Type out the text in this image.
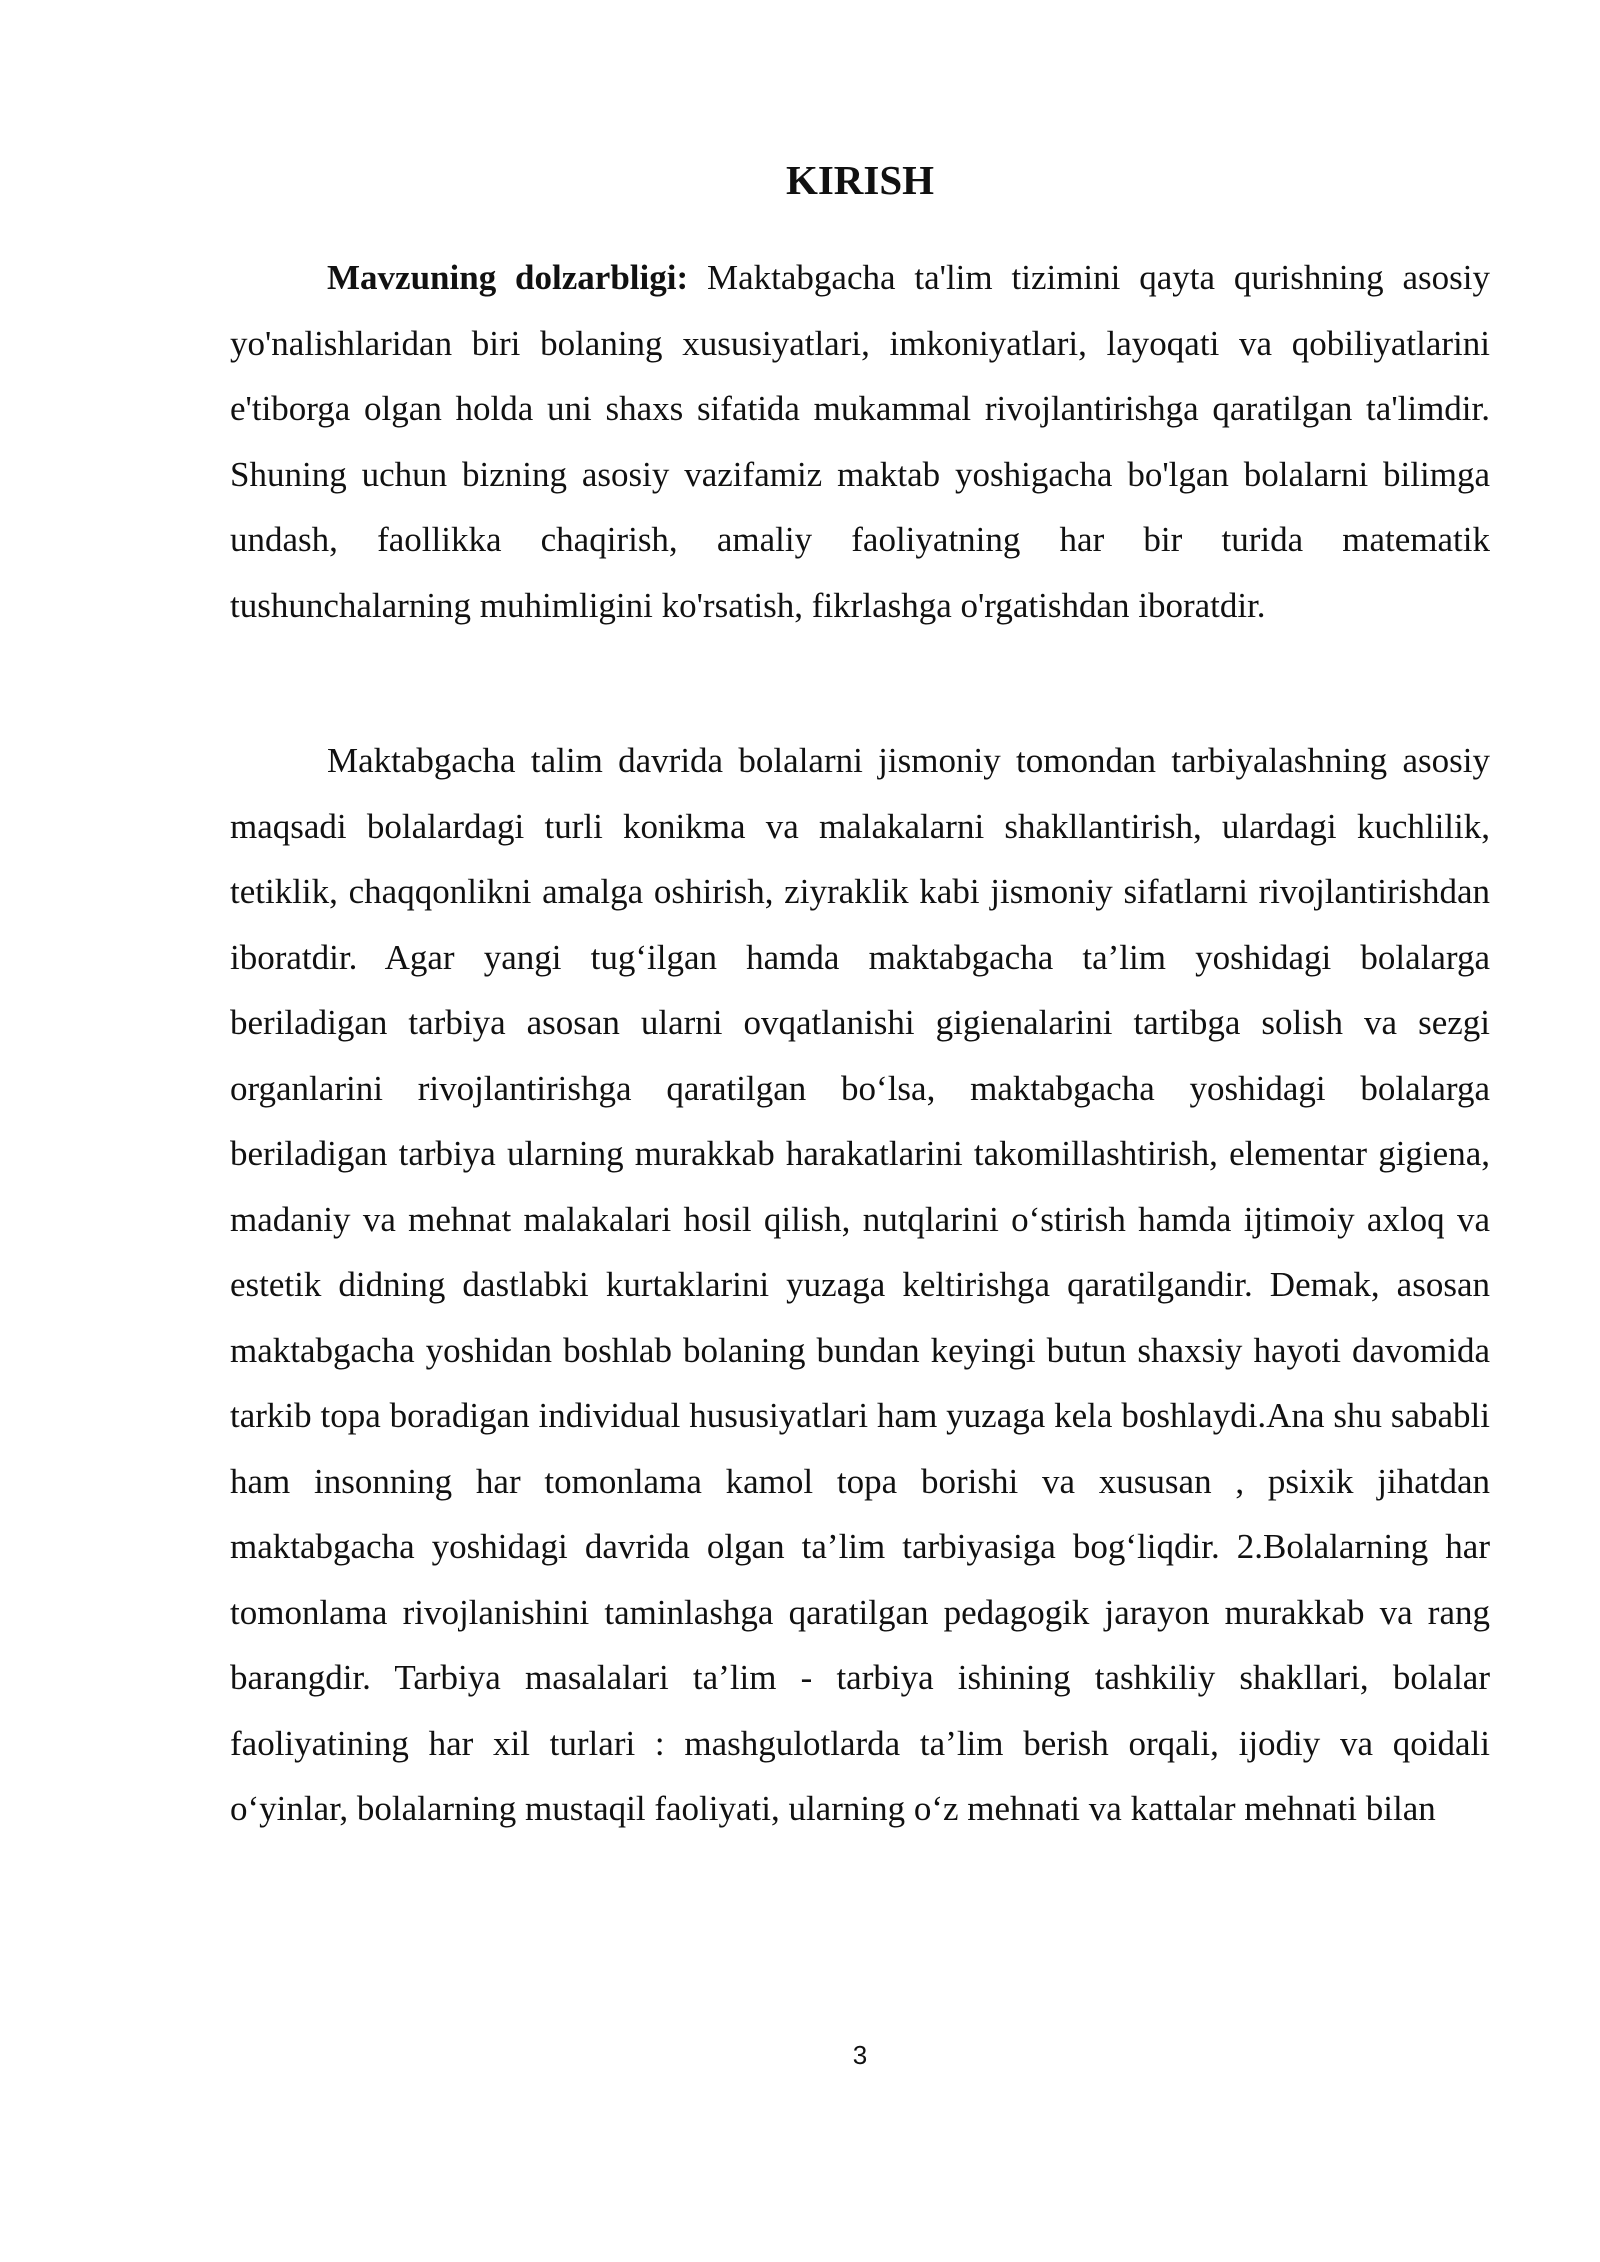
KIRISH

Mavzuning dolzarbligi: Maktabgacha ta'lim tizimini qayta qurishning asosiy yo'nalishlaridan biri bolaning xususiyatlari, imkoniyatlari, layoqati va qobiliyatlarini e'tiborga olgan holda uni shaxs sifatida mukammal rivojlantirishga qaratilgan ta'limdir. Shuning uchun bizning asosiy vazifamiz maktab yoshigacha bo'lgan bolalarni bilimga undash, faollikka chaqirish, amaliy faoliyatning har bir turida matematik tushunchalarning muhimligini ko'rsatish, fikrlashga o'rgatishdan iboratdir.

Maktabgacha talim davrida bolalarni jismoniy tomondan tarbiyalashning asosiy maqsadi bolalardagi turli konikma va malakalarni shakllantirish, ulardagi kuchlilik, tetiklik, chaqqonlikni amalga oshirish, ziyraklik kabi jismoniy sifatlarni rivojlantirishdan iboratdir. Agar yangi tug‘ilgan hamda maktabgacha ta’lim yoshidagi bolalarga beriladigan tarbiya asosan ularni ovqatlanishi gigienalarini tartibga solish va sezgi organlarini rivojlantirishga qaratilgan bo‘lsa, maktabgacha yoshidagi bolalarga beriladigan tarbiya ularning murakkab harakatlarini takomillashtirish, elementar gigiena, madaniy va mehnat malakalari hosil qilish, nutqlarini o‘stirish hamda ijtimoiy axloq va estetik didning dastlabki kurtaklarini yuzaga keltirishga qaratilgandir. Demak, asosan maktabgacha yoshidan boshlab bolaning bundan keyingi butun shaxsiy hayoti davomida tarkib topa boradigan individual hususiyatlari ham yuzaga kela boshlaydi.Ana shu sababli ham insonning har tomonlama kamol topa borishi va xususan , psixik jihatdan maktabgacha yoshidagi davrida olgan ta’lim tarbiyasiga bog‘liqdir. 2.Bolalarning har tomonlama rivojlanishini taminlashga qaratilgan pedagogik jarayon murakkab va rang barangdir. Tarbiya masalalari ta’lim - tarbiya ishining tashkiliy shakllari, bolalar faoliyatining har xil turlari : mashgulotlarda ta’lim berish orqali, ijodiy va qoidali o‘yinlar, bolalarning mustaqil faoliyati, ularning o‘z mehnati va kattalar mehnati bilan

3
